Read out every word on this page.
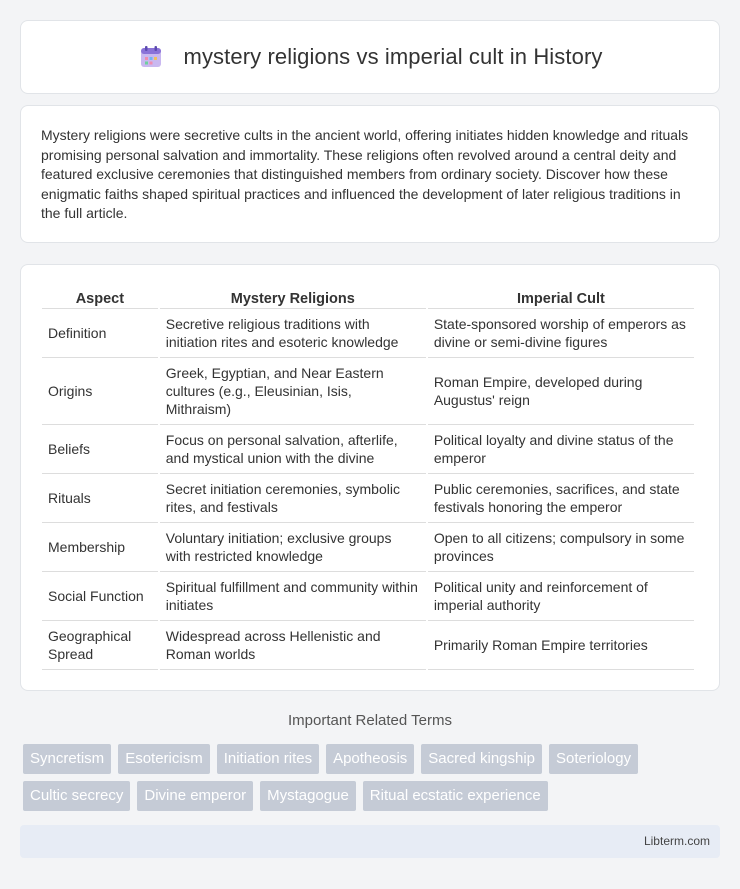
mystery religions vs imperial cult in History

Mystery religions were secretive cults in the ancient world, offering initiates hidden knowledge and rituals promising personal salvation and immortality. These religions often revolved around a central deity and featured exclusive ceremonies that distinguished members from ordinary society. Discover how these enigmatic faiths shaped spiritual practices and influenced the development of later religious traditions in the full article.

Aspect	Mystery Religions	Imperial Cult
Definition	Secretive religious traditions with initiation rites and esoteric knowledge	State-sponsored worship of emperors as divine or semi-divine figures
Origins	Greek, Egyptian, and Near Eastern cultures (e.g., Eleusinian, Isis, Mithraism)	Roman Empire, developed during Augustus' reign
Beliefs	Focus on personal salvation, afterlife, and mystical union with the divine	Political loyalty and divine status of the emperor
Rituals	Secret initiation ceremonies, symbolic rites, and festivals	Public ceremonies, sacrifices, and state festivals honoring the emperor
Membership	Voluntary initiation; exclusive groups with restricted knowledge	Open to all citizens; compulsory in some provinces
Social Function	Spiritual fulfillment and community within initiates	Political unity and reinforcement of imperial authority
Geographical Spread	Widespread across Hellenistic and Roman worlds	Primarily Roman Empire territories
Important Related Terms
Syncretism	Esotericism	Initiation rites	Apotheosis	Sacred kingship	Soteriology
Cultic secrecy	Divine emperor	Mystagogue	Ritual ecstatic experience
Libterm.com
